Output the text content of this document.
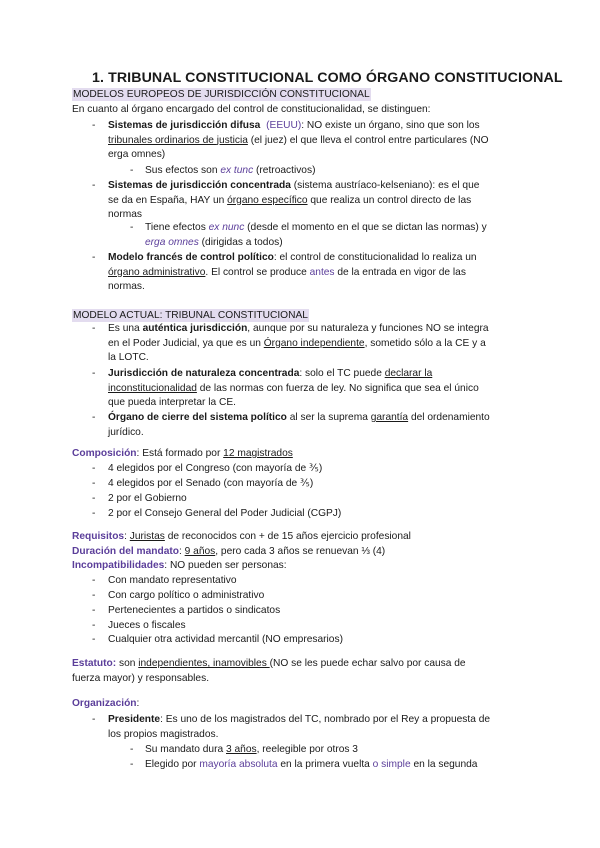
1. TRIBUNAL CONSTITUCIONAL COMO ÓRGANO CONSTITUCIONAL
MODELOS EUROPEOS DE JURISDICCIÓN CONSTITUCIONAL
En cuanto al órgano encargado del control de constitucionalidad, se distinguen:
- Sistemas de jurisdicción difusa (EEUU): NO existe un órgano, sino que son los
tribunales ordinarios de justicia (el juez) el que lleva el control entre particulares (NO
erga omnes)
- Sus efectos son ex tunc (retroactivos)
- Sistemas de jurisdicción concentrada (sistema austríaco-kelseniano): es el que
se da en España, HAY un órgano específico que realiza un control directo de las
normas
- Tiene efectos ex nunc (desde el momento en el que se dictan las normas) y
erga omnes (dirigidas a todos)
- Modelo francés de control político: el control de constitucionalidad lo realiza un
órgano administrativo. El control se produce antes de la entrada en vigor de las
normas.
MODELO ACTUAL: TRIBUNAL CONSTITUCIONAL
- Es una auténtica jurisdicción, aunque por su naturaleza y funciones NO se integra
en el Poder Judicial, ya que es un Órgano independiente, sometido sólo a la CE y a
la LOTC.
- Jurisdicción de naturaleza concentrada: solo el TC puede declarar la
inconstitucionalidad de las normas con fuerza de ley. No significa que sea el único
que pueda interpretar la CE.
- Órgano de cierre del sistema político al ser la suprema garantía del ordenamiento
jurídico.
Composición: Está formado por 12 magistrados
- 4 elegidos por el Congreso (con mayoría de ⅗)
- 4 elegidos por el Senado (con mayoría de ⅗)
- 2 por el Gobierno
- 2 por el Consejo General del Poder Judicial (CGPJ)
Requisitos: Juristas de reconocidos con + de 15 años ejercicio profesional
Duración del mandato: 9 años, pero cada 3 años se renuevan ⅓ (4)
Incompatibilidades: NO pueden ser personas:
- Con mandato representativo
- Con cargo político o administrativo
- Pertenecientes a partidos o sindicatos
- Jueces o fiscales
- Cualquier otra actividad mercantil (NO empresarios)
Estatuto: son independientes, inamovibles (NO se les puede echar salvo por causa de
fuerza mayor) y responsables.
Organización:
- Presidente: Es uno de los magistrados del TC, nombrado por el Rey a propuesta de
los propios magistrados.
- Su mandato dura 3 años, reelegible por otros 3
- Elegido por mayoría absoluta en la primera vuelta o simple en la segunda
